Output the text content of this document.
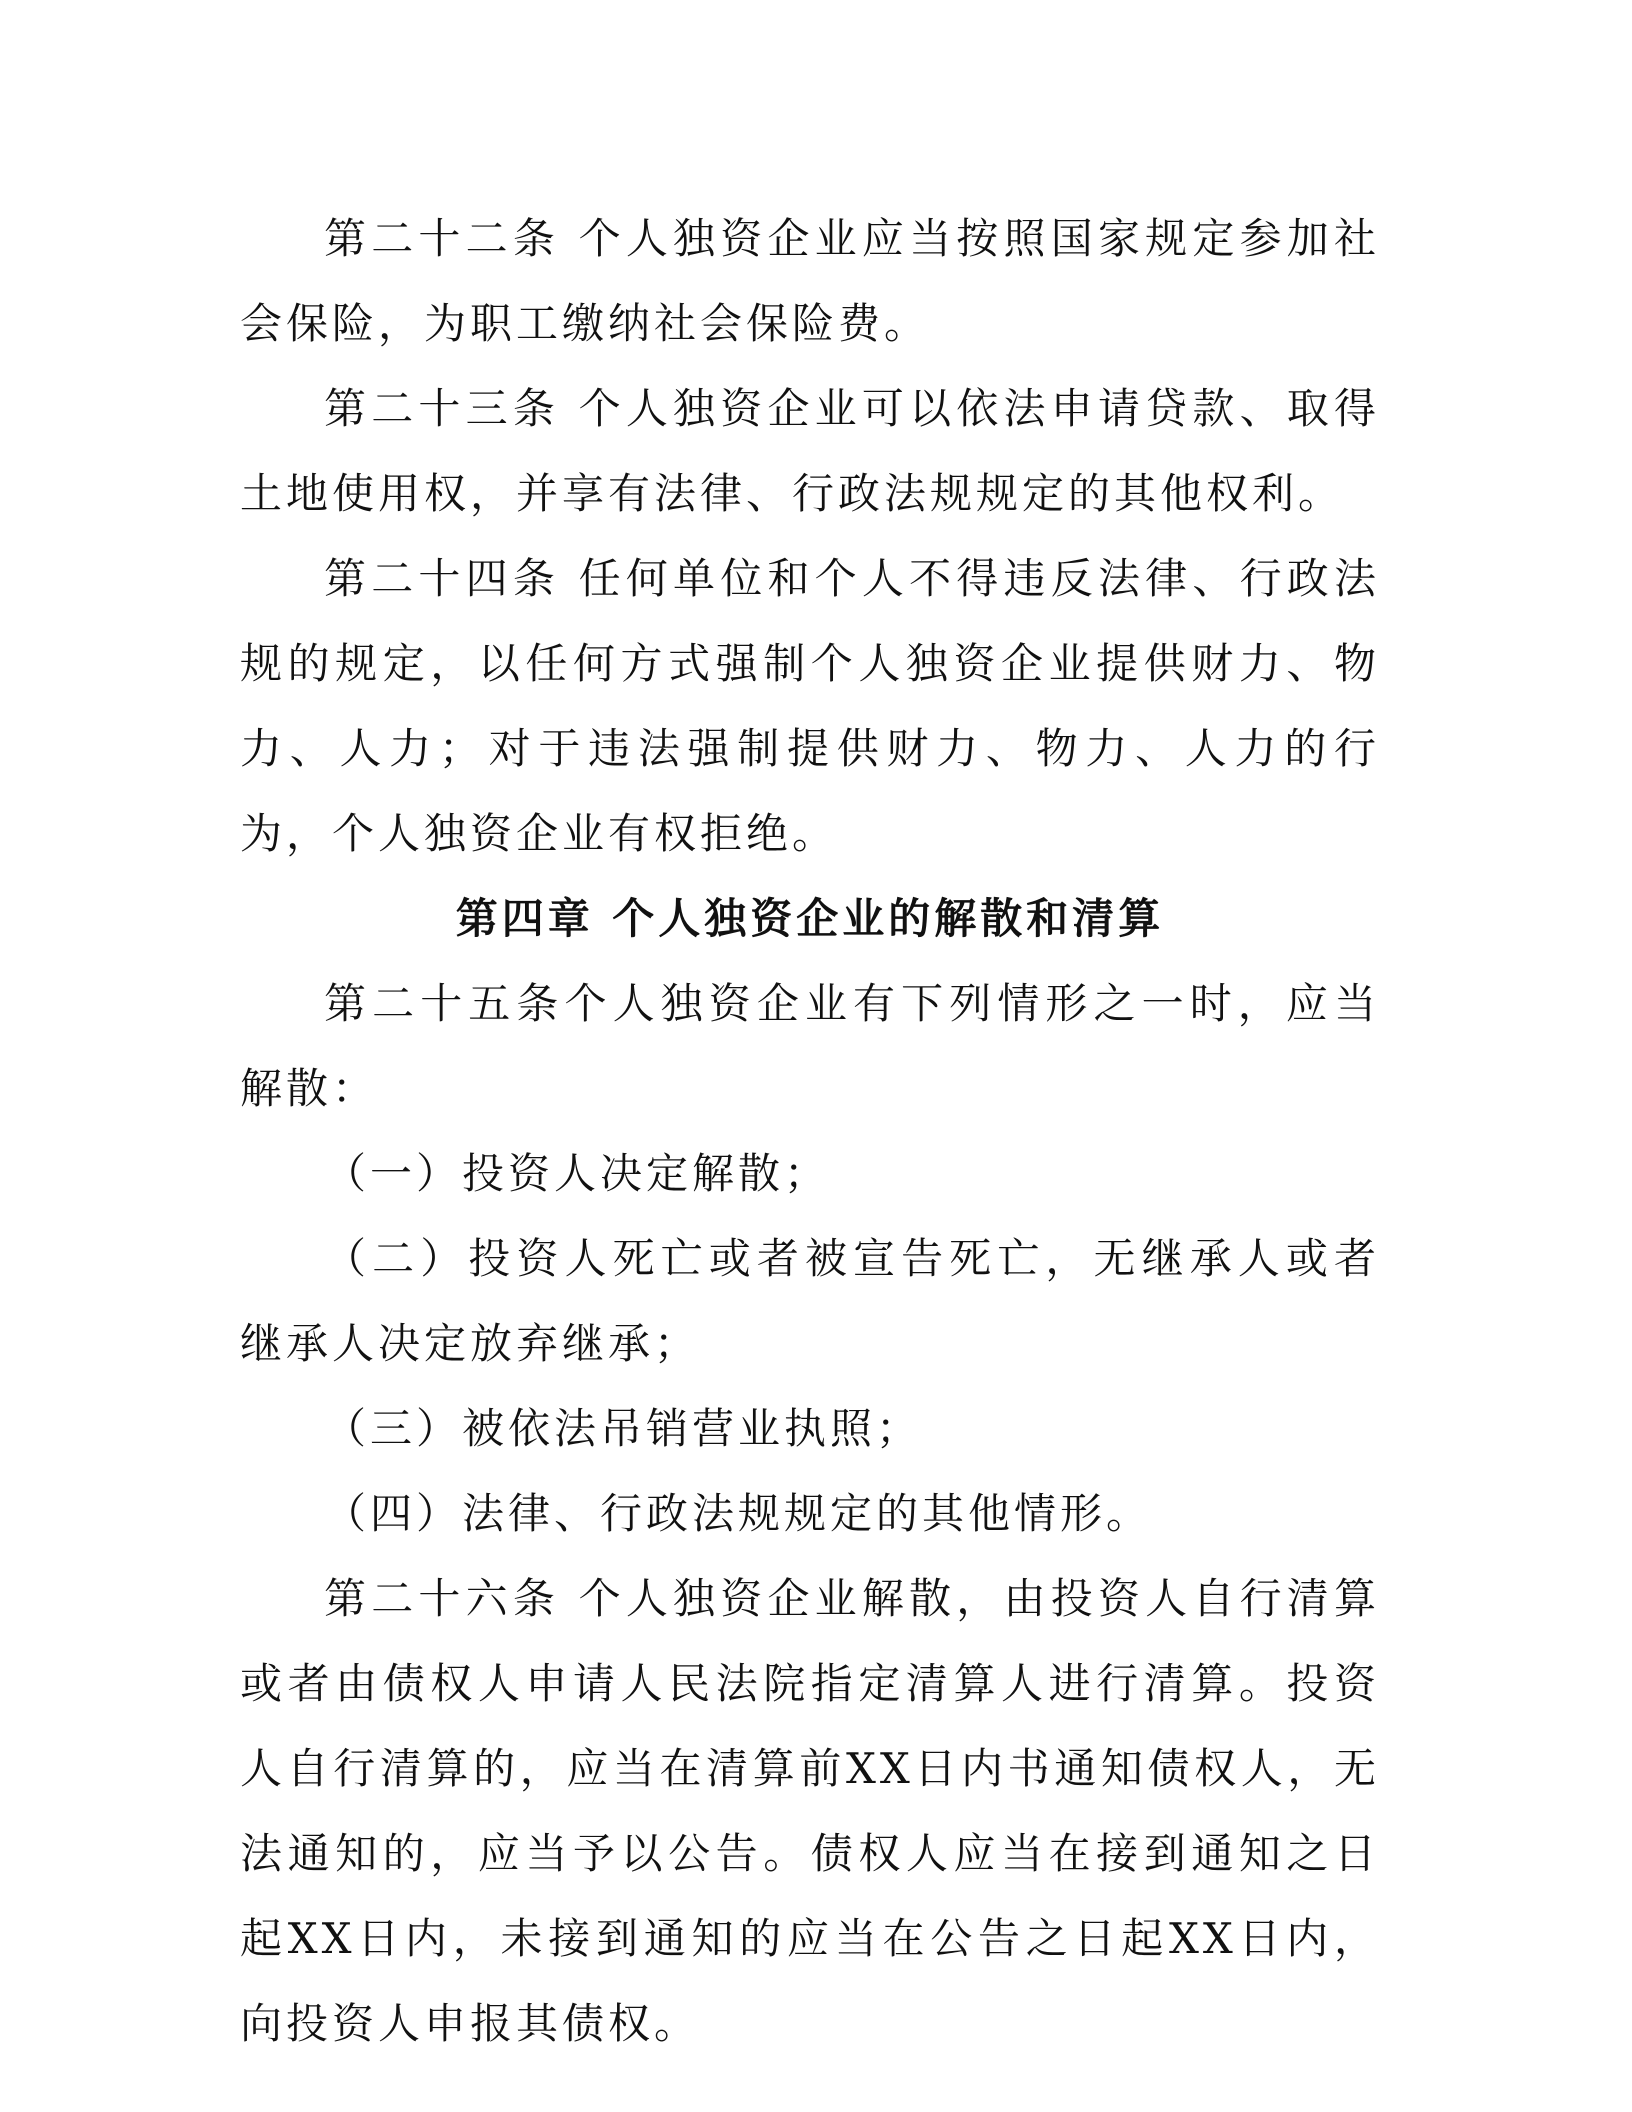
第二十二条 个人独资企业应当按照国家规定参加社会保险，为职工缴纳社会保险费。

第二十三条 个人独资企业可以依法申请贷款、取得土地使用权，并享有法律、行政法规规定的其他权利。

第二十四条 任何单位和个人不得违反法律、行政法规的规定，以任何方式强制个人独资企业提供财力、物力、人力；对于违法强制提供财力、物力、人力的行为，个人独资企业有权拒绝。

第四章 个人独资企业的解散和清算

第二十五条个人独资企业有下列情形之一时，应当解散：

（一）投资人决定解散；

（二）投资人死亡或者被宣告死亡，无继承人或者继承人决定放弃继承；

（三）被依法吊销营业执照；

（四）法律、行政法规规定的其他情形。

第二十六条 个人独资企业解散，由投资人自行清算或者由债权人申请人民法院指定清算人进行清算。投资人自行清算的，应当在清算前XX日内书通知债权人，无法通知的，应当予以公告。债权人应当在接到通知之日起XX日内，未接到通知的应当在公告之日起XX日内，向投资人申报其债权。
